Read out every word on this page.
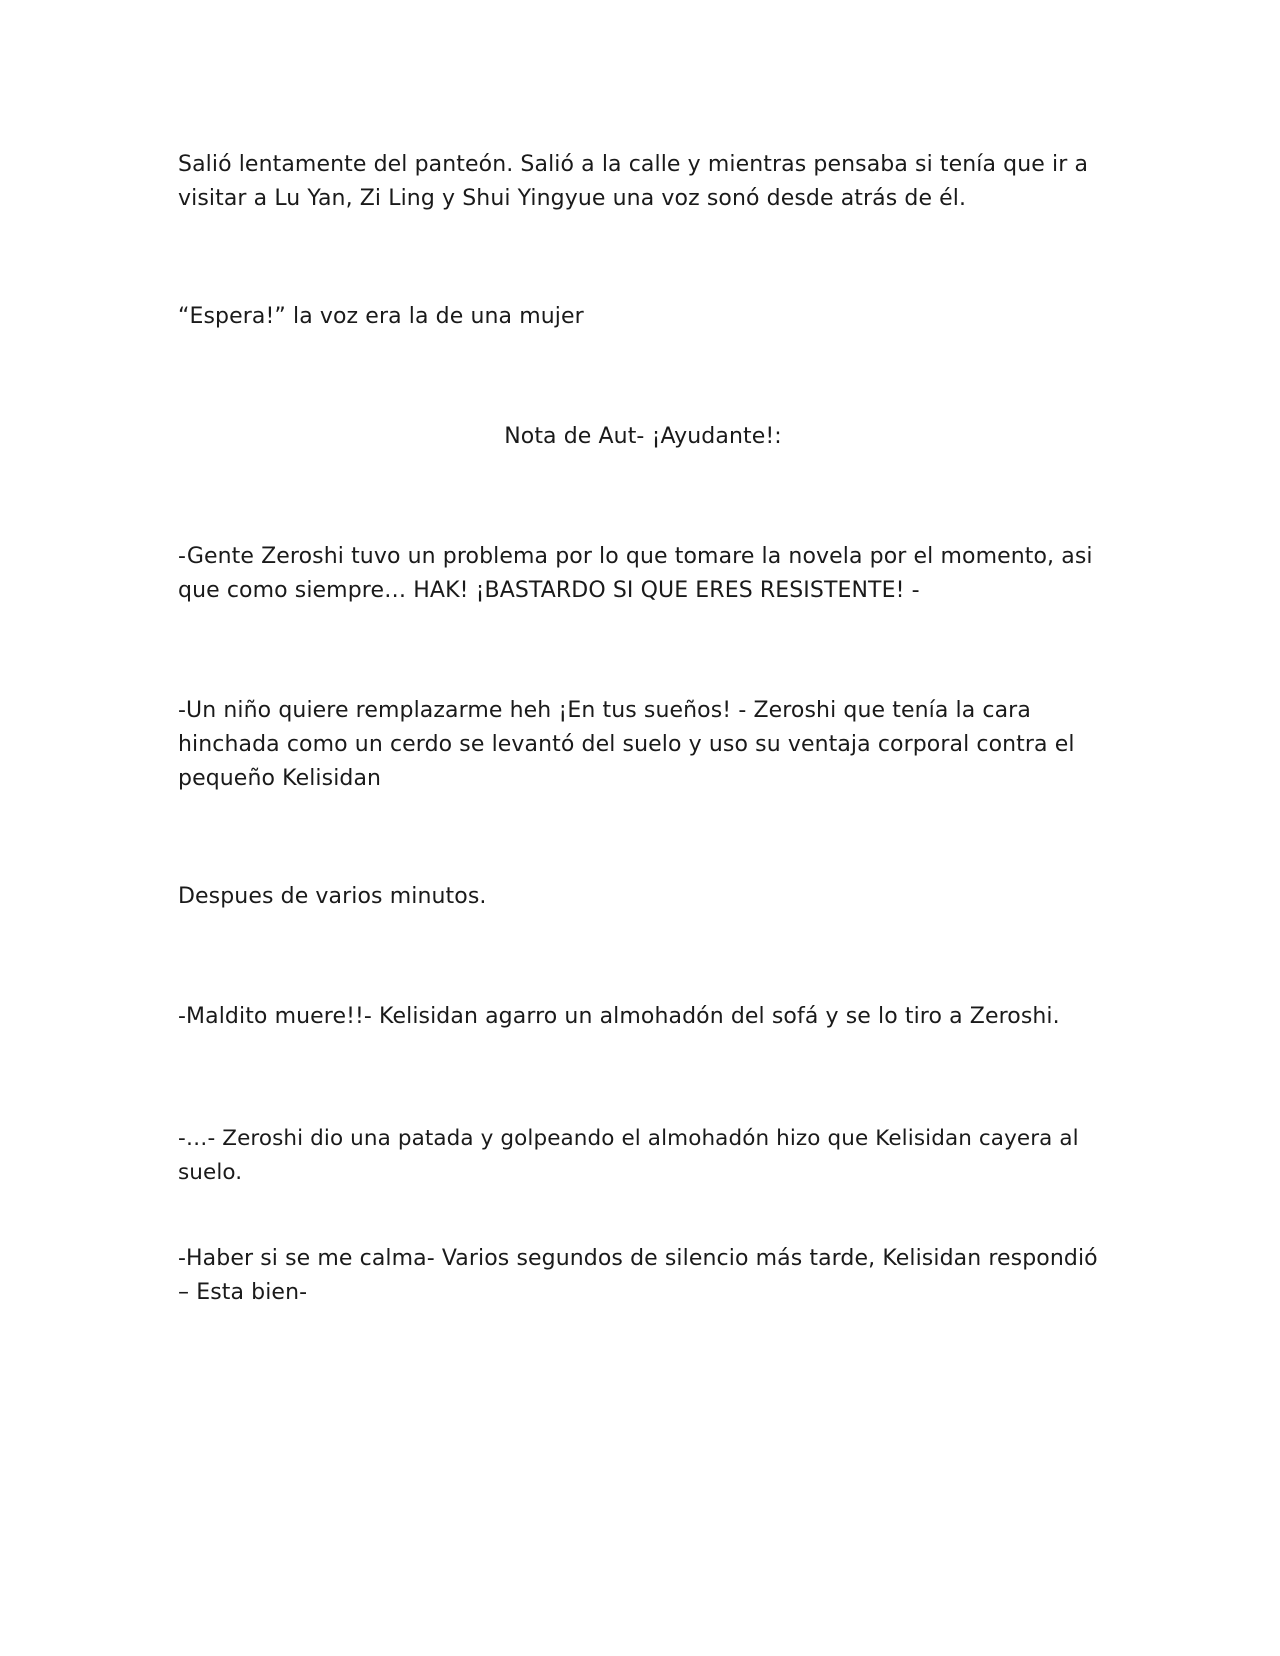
Salió lentamente del panteón. Salió a la calle y mientras pensaba si tenía que ir a visitar a Lu Yan, Zi Ling y Shui Yingyue una voz sonó desde atrás de él.

“Espera!” la voz era la de una mujer

Nota de Aut- ¡Ayudante!:

-Gente Zeroshi tuvo un problema por lo que tomare la novela por el momento, asi que como siempre… HAK! ¡BASTARDO SI QUE ERES RESISTENTE! -

-Un niño quiere remplazarme heh ¡En tus sueños! - Zeroshi que tenía la cara hinchada como un cerdo se levantó del suelo y uso su ventaja corporal contra el pequeño Kelisidan

Despues de varios minutos.

-Maldito muere!!- Kelisidan agarro un almohadón del sofá y se lo tiro a Zeroshi.

-…- Zeroshi dio una patada y golpeando el almohadón hizo que Kelisidan cayera al suelo.

-Haber si se me calma- Varios segundos de silencio más tarde, Kelisidan respondió – Esta bien-
